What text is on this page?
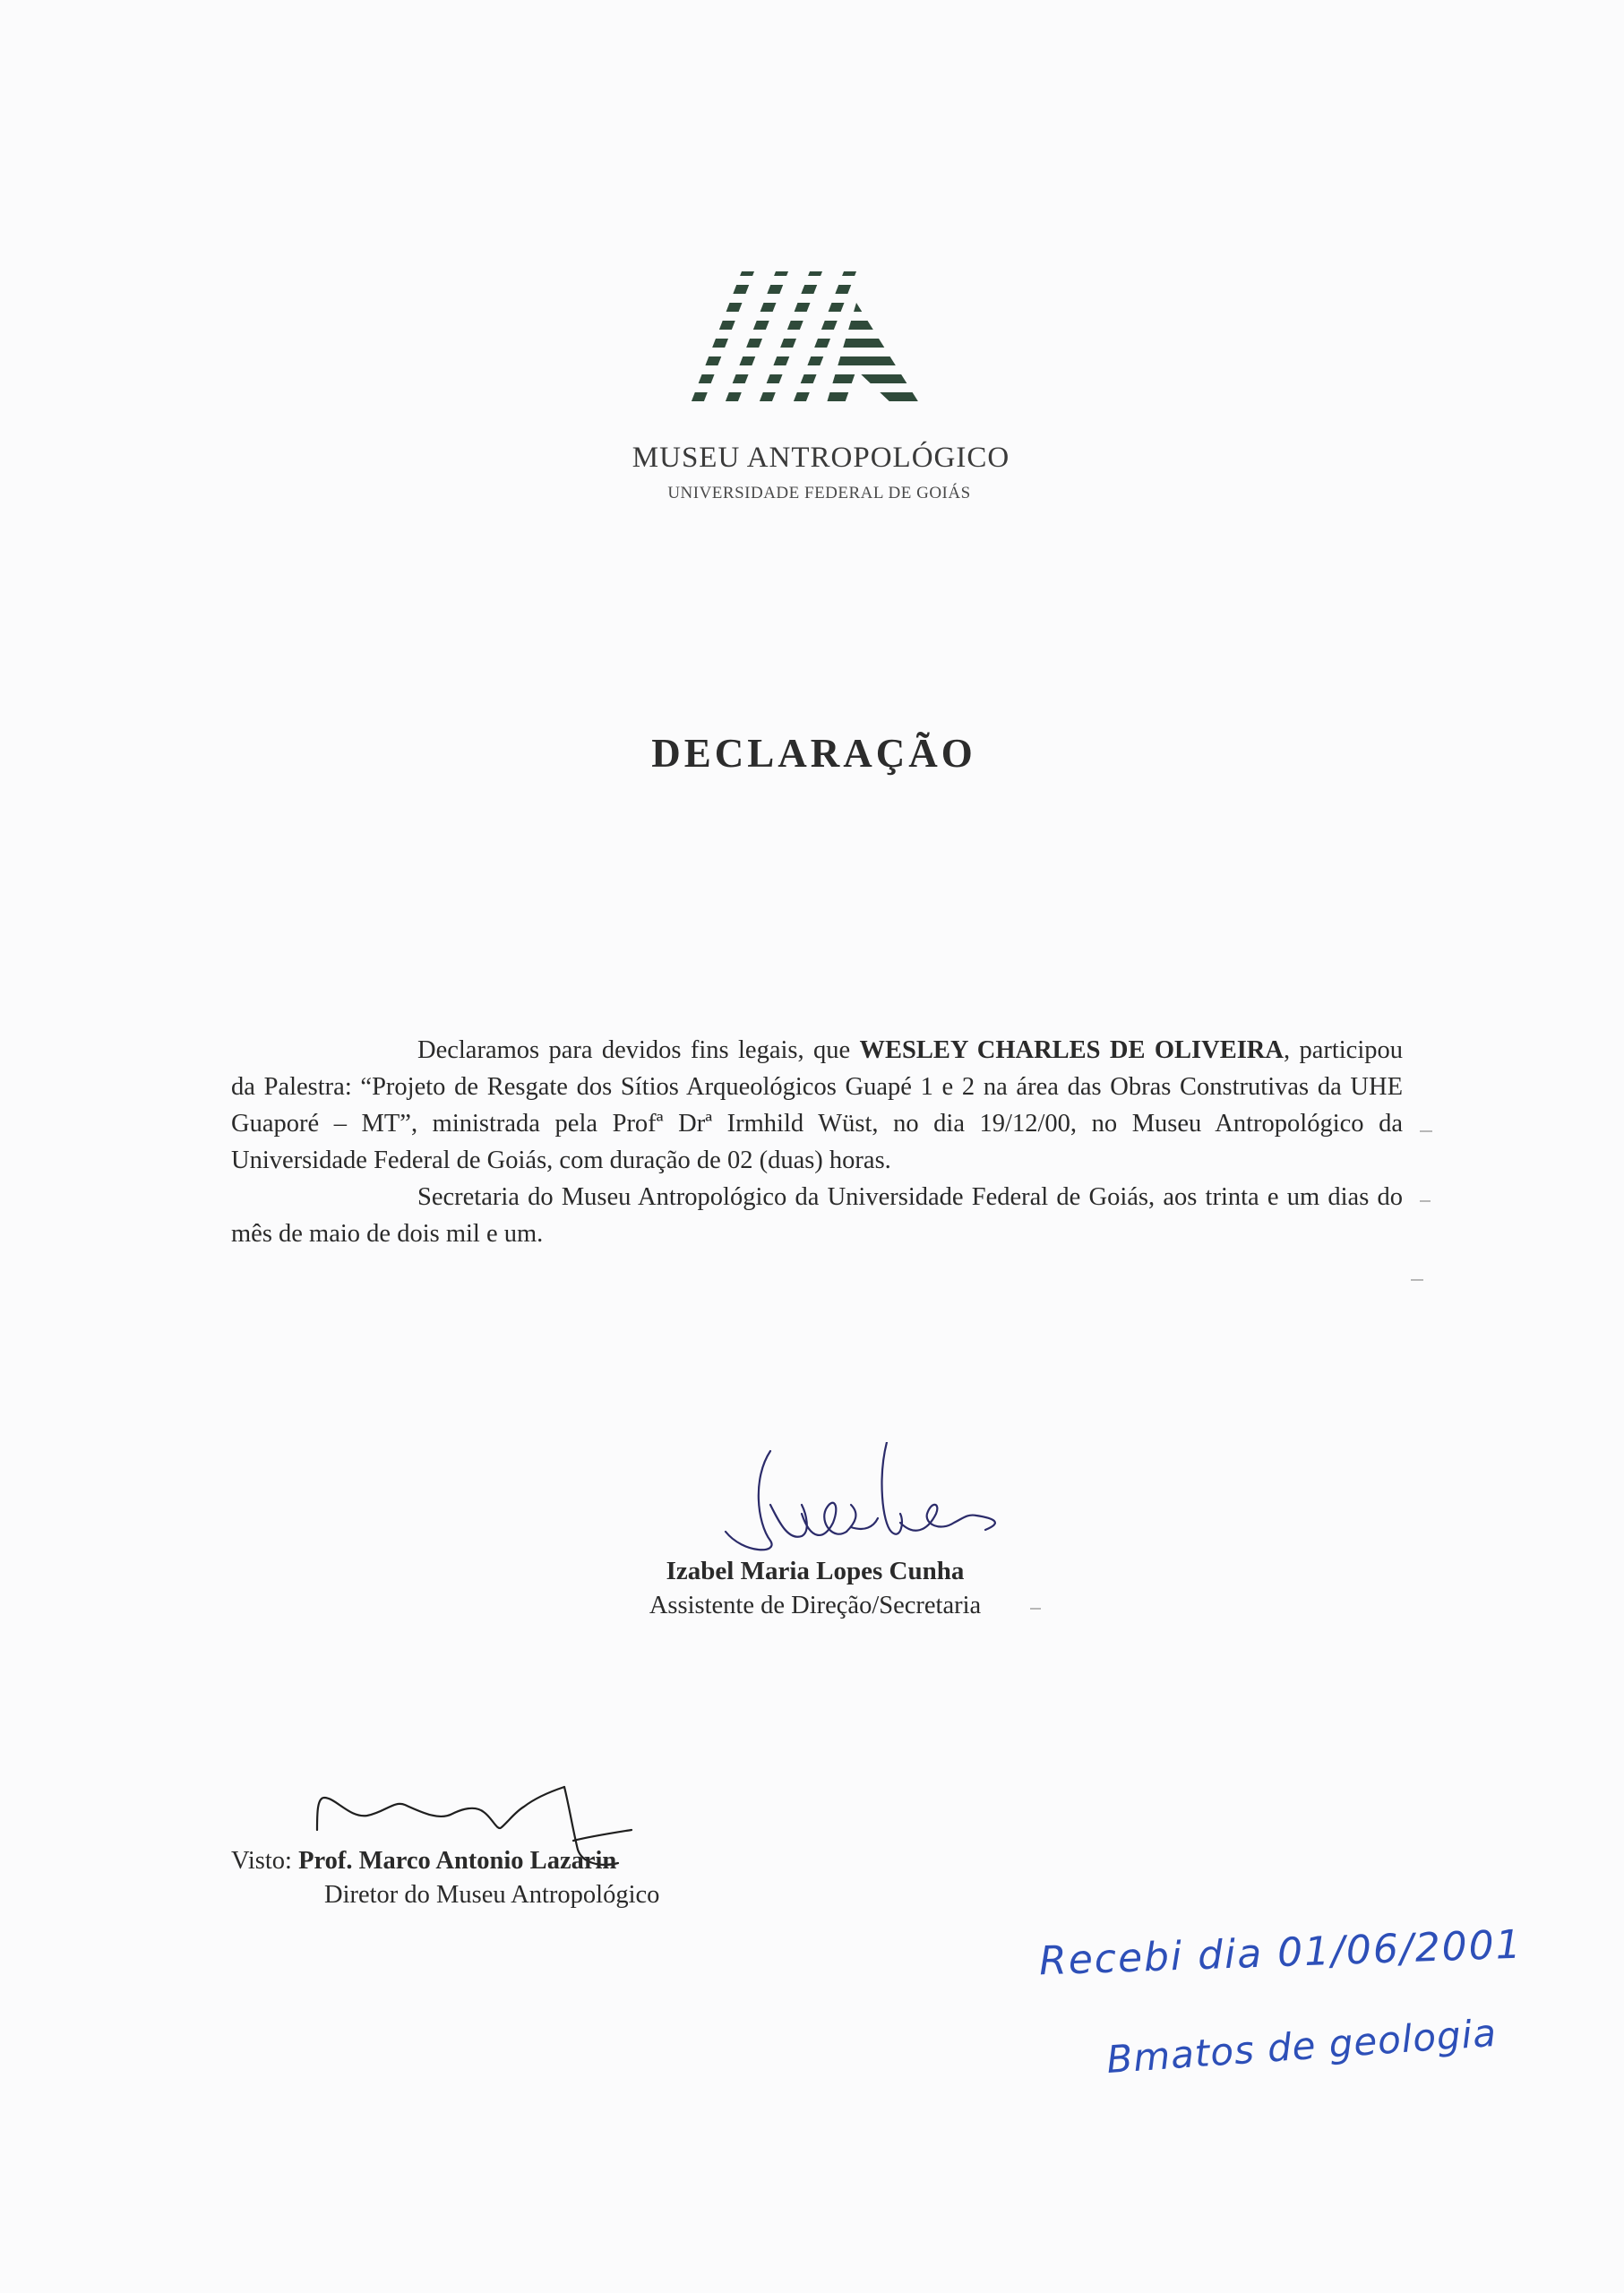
MUSEU ANTROPOLÓGICO
UNIVERSIDADE FEDERAL DE GOIÁS
DECLARAÇÃO

Declaramos para devidos fins legais, que WESLEY CHARLES DE OLIVEIRA, participou da Palestra: “Projeto de Resgate dos Sítios Arqueológicos Guapé 1 e 2 na área das Obras Construtivas da UHE Guaporé – MT”, ministrada pela Profª Drª Irmhild Wüst, no dia 19/12/00, no Museu Antropológico da Universidade Federal de Goiás, com duração de 02 (duas) horas.

Secretaria do Museu Antropológico da Universidade Federal de Goiás, aos trinta e um dias do mês de maio de dois mil e um.

Izabel Maria Lopes Cunha
Assistente de Direção/Secretaria
Visto: Prof. Marco Antonio Lazarin
Diretor do Museu Antropológico
Recebi dia 01/06/2001
Bmatos de geologia
